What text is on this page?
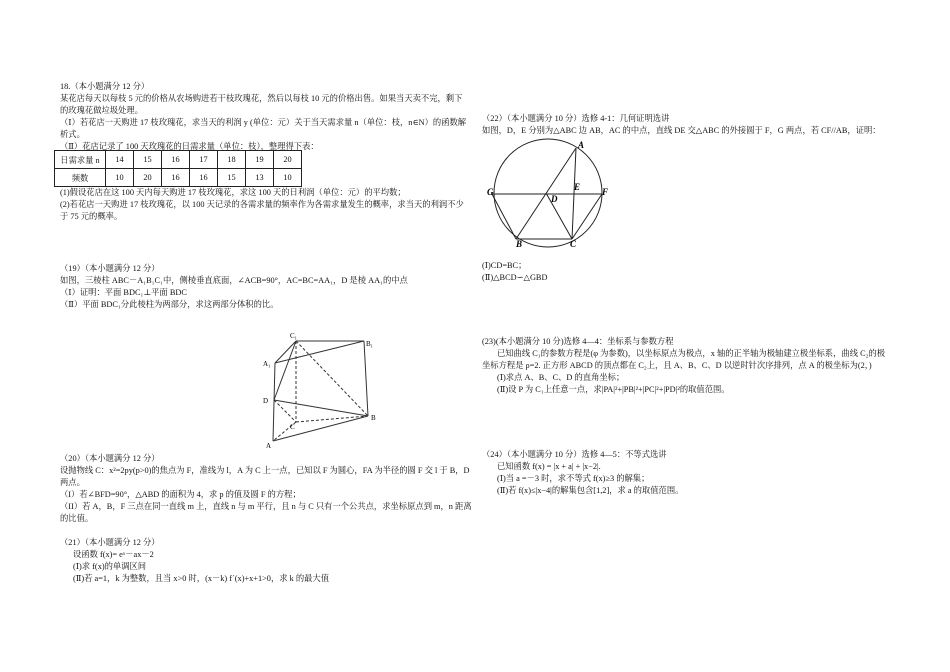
18.（本小题满分 12 分）
某花店每天以每枝 5 元的价格从农场购进若干枝玫瑰花，然后以每枝 10 元的价格出售。如果当天卖不完，剩下
的玫瑰花做垃圾处理。
（Ⅰ）若花店一天购进 17 枝玫瑰花，求当天的利润 y (单位：元）关于当天需求量 n（单位：枝，n∈N）的函数解
析式。
（Ⅱ）花店记录了 100 天玫瑰花的日需求量（单位：枝），整理得下表：
日需求量 n	14	15	16	17	18	19	20
频数	10	20	16	16	15	13	10
(1)假设花店在这 100 天内每天购进 17 枝玫瑰花，求这 100 天的日利润（单位：元）的平均数；
(2)若花店一天购进 17 枝玫瑰花，以 100 天记录的各需求量的频率作为各需求量发生的概率，求当天的利润不少
于 75 元的概率。
（19）（本小题满分 12 分）
如图，三棱柱 ABC－A₁B₁C₁中，侧棱垂直底面，∠ACB=90°，AC=BC=AA₁，D 是棱 AA₁的中点
（Ⅰ）证明：平面 BDC₁⊥平面 BDC
（Ⅱ）平面 BDC₁分此棱柱为两部分，求这两部分体积的比。
C₁
B₁
A₁
D
C
B
A
（20）（本小题满分 12 分）
设抛物线 C：x²=2py(p>0)的焦点为 F，准线为 l，A 为 C 上一点，已知以 F 为圆心，FA 为半径的圆 F 交 l 于 B，D
两点。
（I）若∠BFD=90°，△ABD 的面积为 4，求 p 的值及圆 F 的方程；
（II）若 A，B，F 三点在同一直线 m 上，直线 n 与 m 平行，且 n 与 C 只有一个公共点，求坐标原点到 m，n 距离
的比值。
（21）（本小题满分 12 分）
设函数 f(x)= eˣ－ax－2
(Ⅰ)求 f(x)的单调区间
(Ⅱ)若 a=1，k 为整数，且当 x>0 时，(x－k) f´(x)+x+1>0，求 k 的最大值
（22）（本小题满分 10 分）选修 4-1：几何证明选讲
如图，D，E 分别为△ABC 边 AB，AC 的中点，直线 DE 交△ABC 的外接圆于 F，G 两点，若 CF//AB，证明：
A
G	F
E
D
B	C
(Ⅰ)CD=BC；
(Ⅱ)△BCD∽△GBD
(23)(本小题满分 10 分)选修 4—4：坐标系与参数方程
已知曲线 C₁的参数方程是(φ 为参数)，以坐标原点为极点，x 轴的正半轴为极轴建立极坐标系，曲线 C₂的极
坐标方程是 ρ=2. 正方形 ABCD 的顶点都在 C₂上，且 A、B、C、D 以逆时针次序排列，点 A 的极坐标为(2，)
(Ⅰ)求点 A、B、C、D 的直角坐标；
(Ⅱ)设 P 为 C₁上任意一点，求|PA|²+|PB|²+|PC|²+|PD|²的取值范围。
（24）（本小题满分 10 分）选修 4—5：不等式选讲
已知函数 f(x) = |x + a| + |x−2|.
(Ⅰ)当 a =－3 时，求不等式 f(x)≥3 的解集；
(Ⅱ)若 f(x)≤|x−4|的解集包含[1,2]，求 a 的取值范围。
